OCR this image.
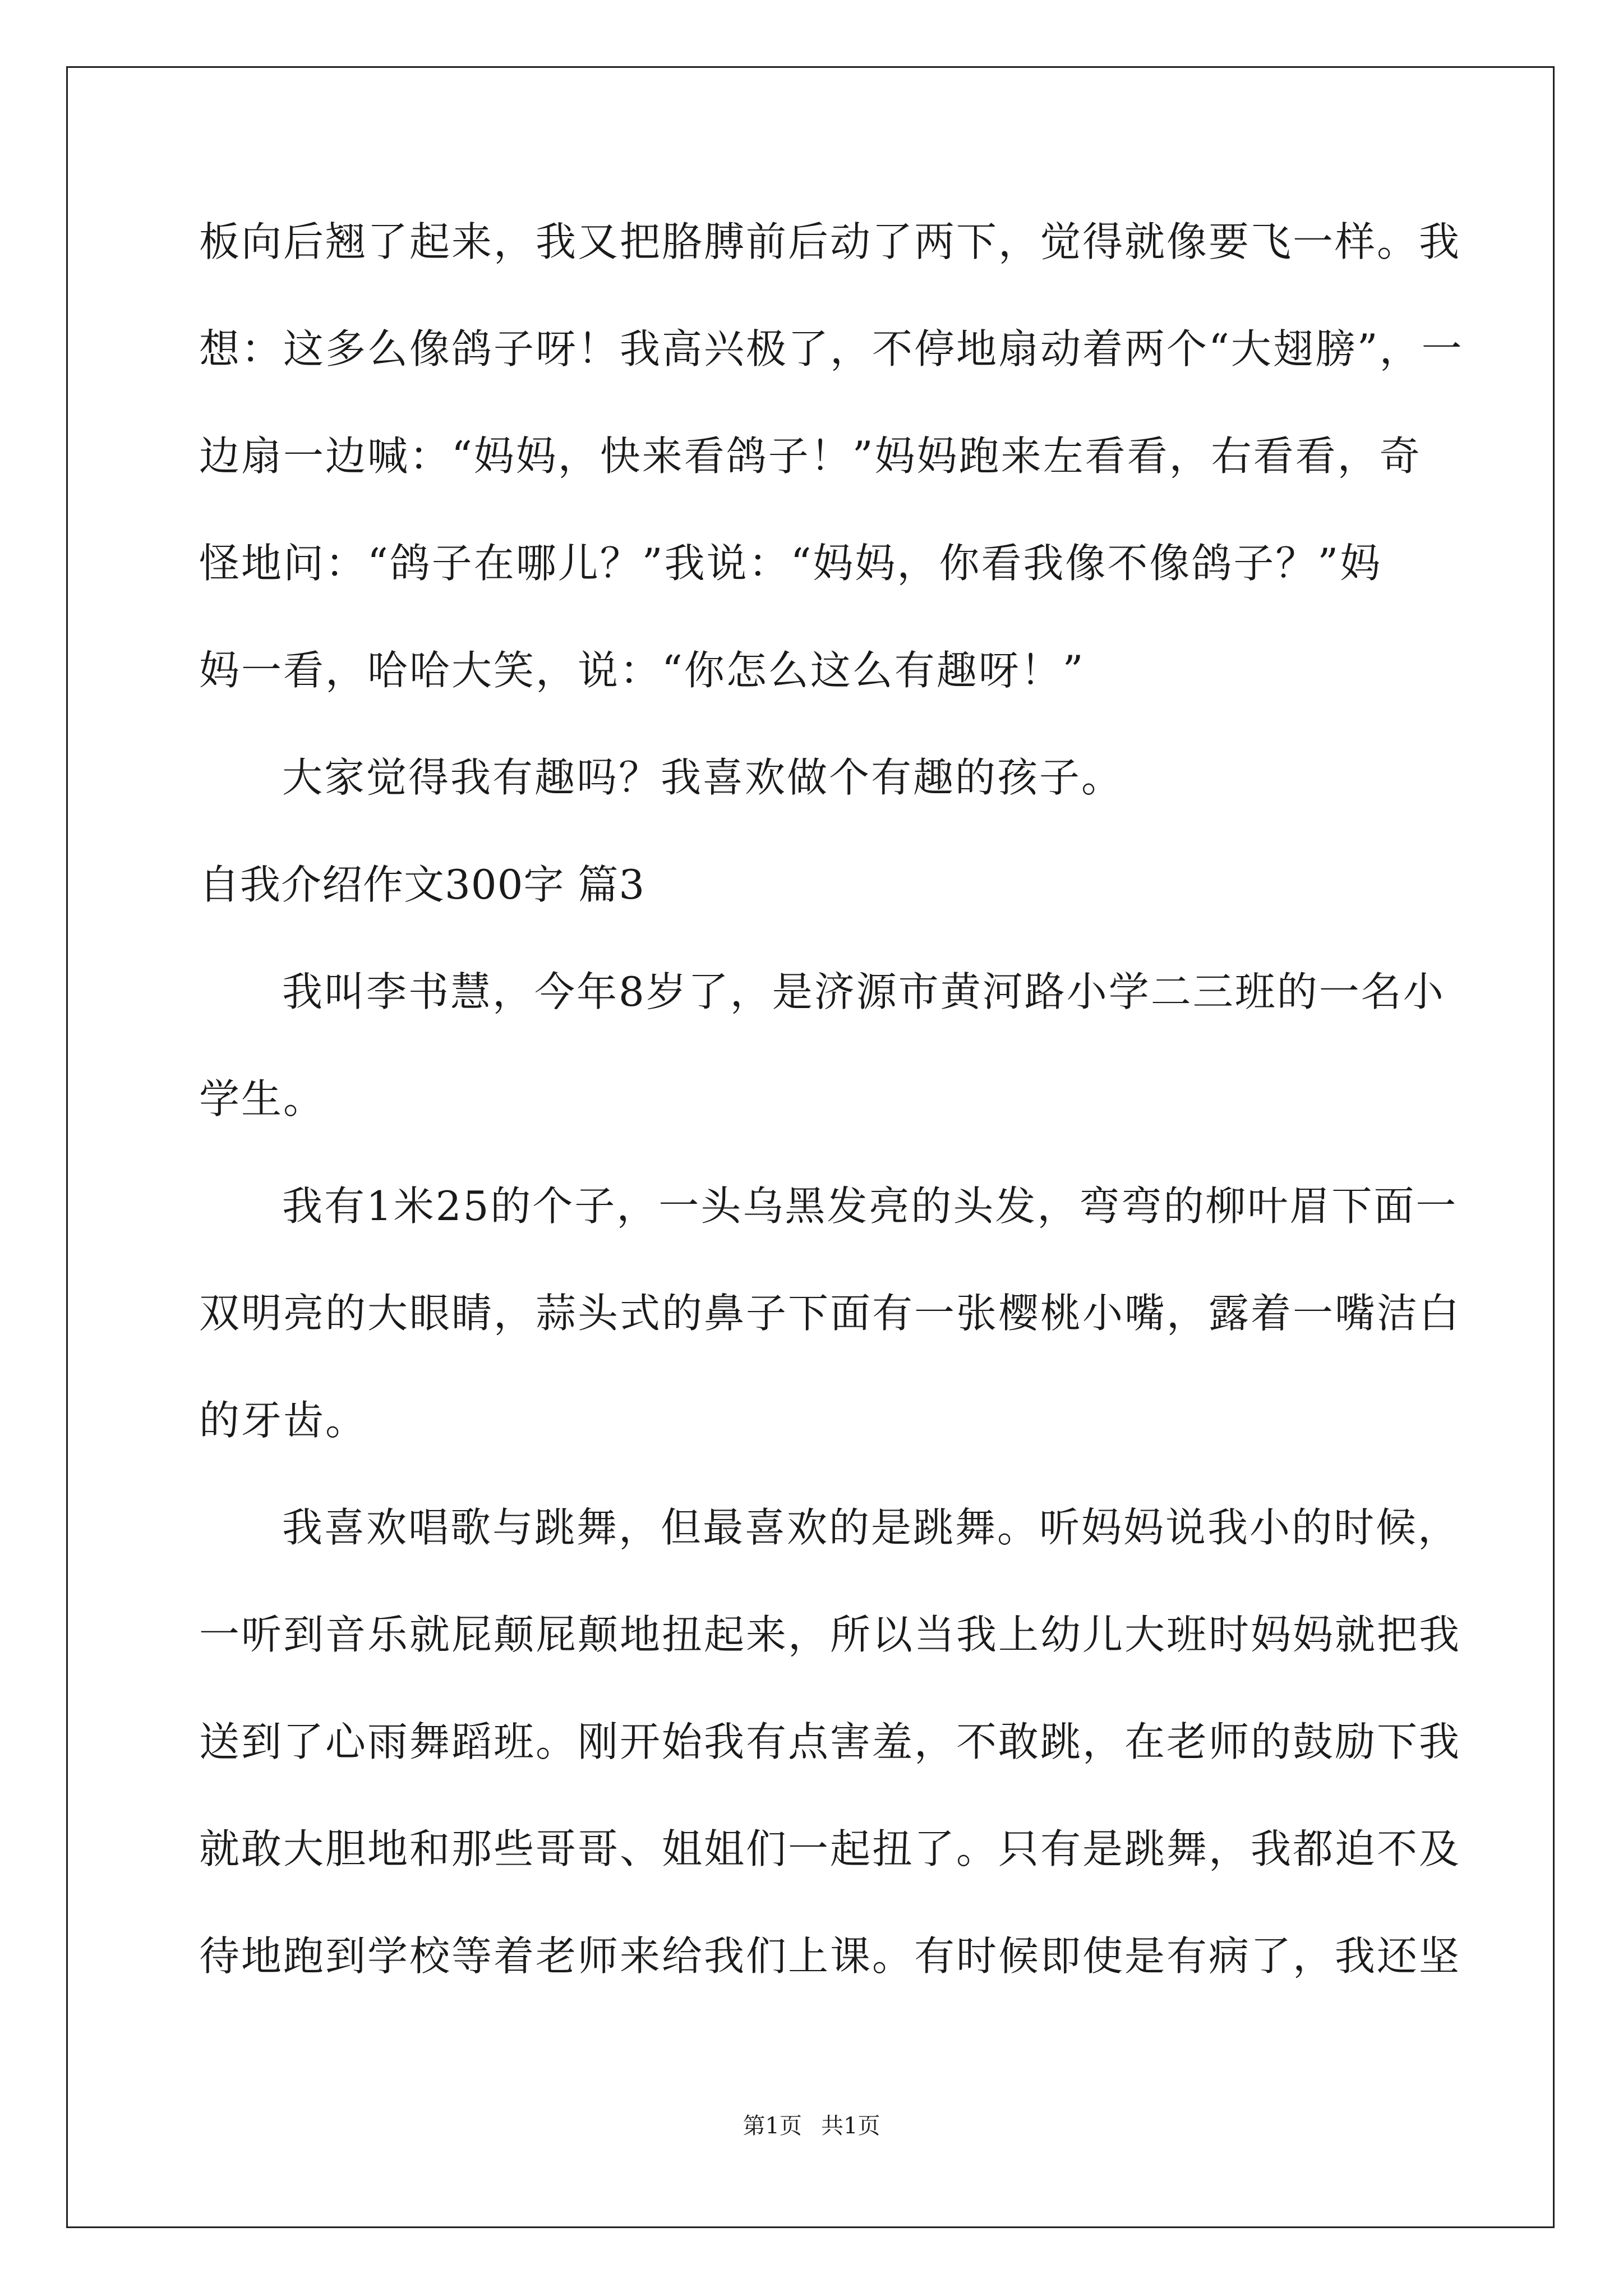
板向后翘了起来，我又把胳膊前后动了两下，觉得就像要飞一样。我
想：这多么像鸽子呀！我高兴极了，不停地扇动着两个“大翅膀”，一
边扇一边喊：“妈妈，快来看鸽子！”妈妈跑来左看看，右看看，奇
怪地问：“鸽子在哪儿？”我说：“妈妈，你看我像不像鸽子？”妈
妈一看，哈哈大笑，说：“你怎么这么有趣呀！”
大家觉得我有趣吗？我喜欢做个有趣的孩子。
自我介绍作文300字 篇3
我叫李书慧，今年8岁了，是济源市黄河路小学二三班的一名小
学生。
我有1米25的个子，一头乌黑发亮的头发，弯弯的柳叶眉下面一
双明亮的大眼睛，蒜头式的鼻子下面有一张樱桃小嘴，露着一嘴洁白
的牙齿。
我喜欢唱歌与跳舞，但最喜欢的是跳舞。听妈妈说我小的时候，
一听到音乐就屁颠屁颠地扭起来，所以当我上幼儿大班时妈妈就把我
送到了心雨舞蹈班。刚开始我有点害羞，不敢跳，在老师的鼓励下我
就敢大胆地和那些哥哥、姐姐们一起扭了。只有是跳舞，我都迫不及
待地跑到学校等着老师来给我们上课。有时候即使是有病了，我还坚
第1页 共1页
